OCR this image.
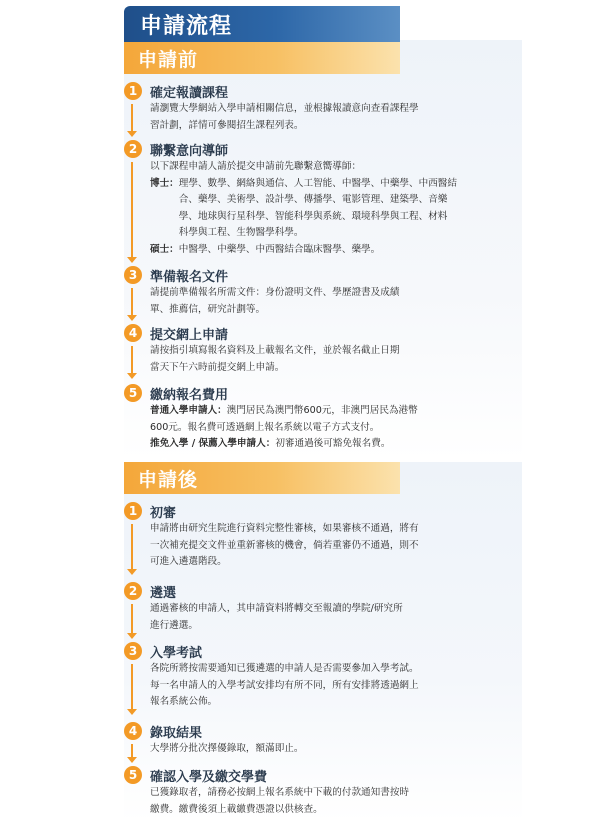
申請流程
申請前
1 確定報讀課程
請瀏覽大學網站入學申請相關信息，並根據報讀意向查看課程學
習計劃，詳情可參閱招生課程列表。
2 聯繫意向導師
以下課程申請人請於提交申請前先聯繫意嚮導師：
博士： 理學、數學、網絡與通信、人工智能、中醫學、中藥學、中西醫結
合、藥學、美術學、設計學、傳播學、電影管理、建築學、音樂
學、地球與行星科學、智能科學與系統、環境科學與工程、材料
科學與工程、生物醫學科學。
碩士： 中醫學、中藥學、中西醫結合臨床醫學、藥學。
3 準備報名文件
請提前準備報名所需文件：身份證明文件、學歷證書及成績
單、推薦信，研究計劃等。
4 提交網上申請
請按指引填寫報名資料及上載報名文件，並於報名截止日期
當天下午六時前提交網上申請。
5 繳納報名費用
普通入學申請人：澳門居民為澳門幣600元，非澳門居民為港幣
600元。報名費可透過網上報名系統以電子方式支付。
推免入學 / 保薦入學申請人：初審通過後可豁免報名費。
申請後
1 初審
申請將由研究生院進行資料完整性審核，如果審核不通過，將有
一次補充提交文件並重新審核的機會，倘若重審仍不通過，則不
可進入遴選階段。
2 遴選
通過審核的申請人，其申請資料將轉交至報讀的學院/研究所
進行遴選。
3 入學考試
各院所將按需要通知已獲遴選的申請人是否需要參加入學考試。
每一名申請人的入學考試安排均有所不同，所有安排將透過網上
報名系統公佈。
4 錄取結果
大學將分批次擇優錄取，額滿即止。
5 確認入學及繳交學費
已獲錄取者，請務必按網上報名系統中下載的付款通知書按時
繳費。繳費後須上載繳費憑證以供核查。
